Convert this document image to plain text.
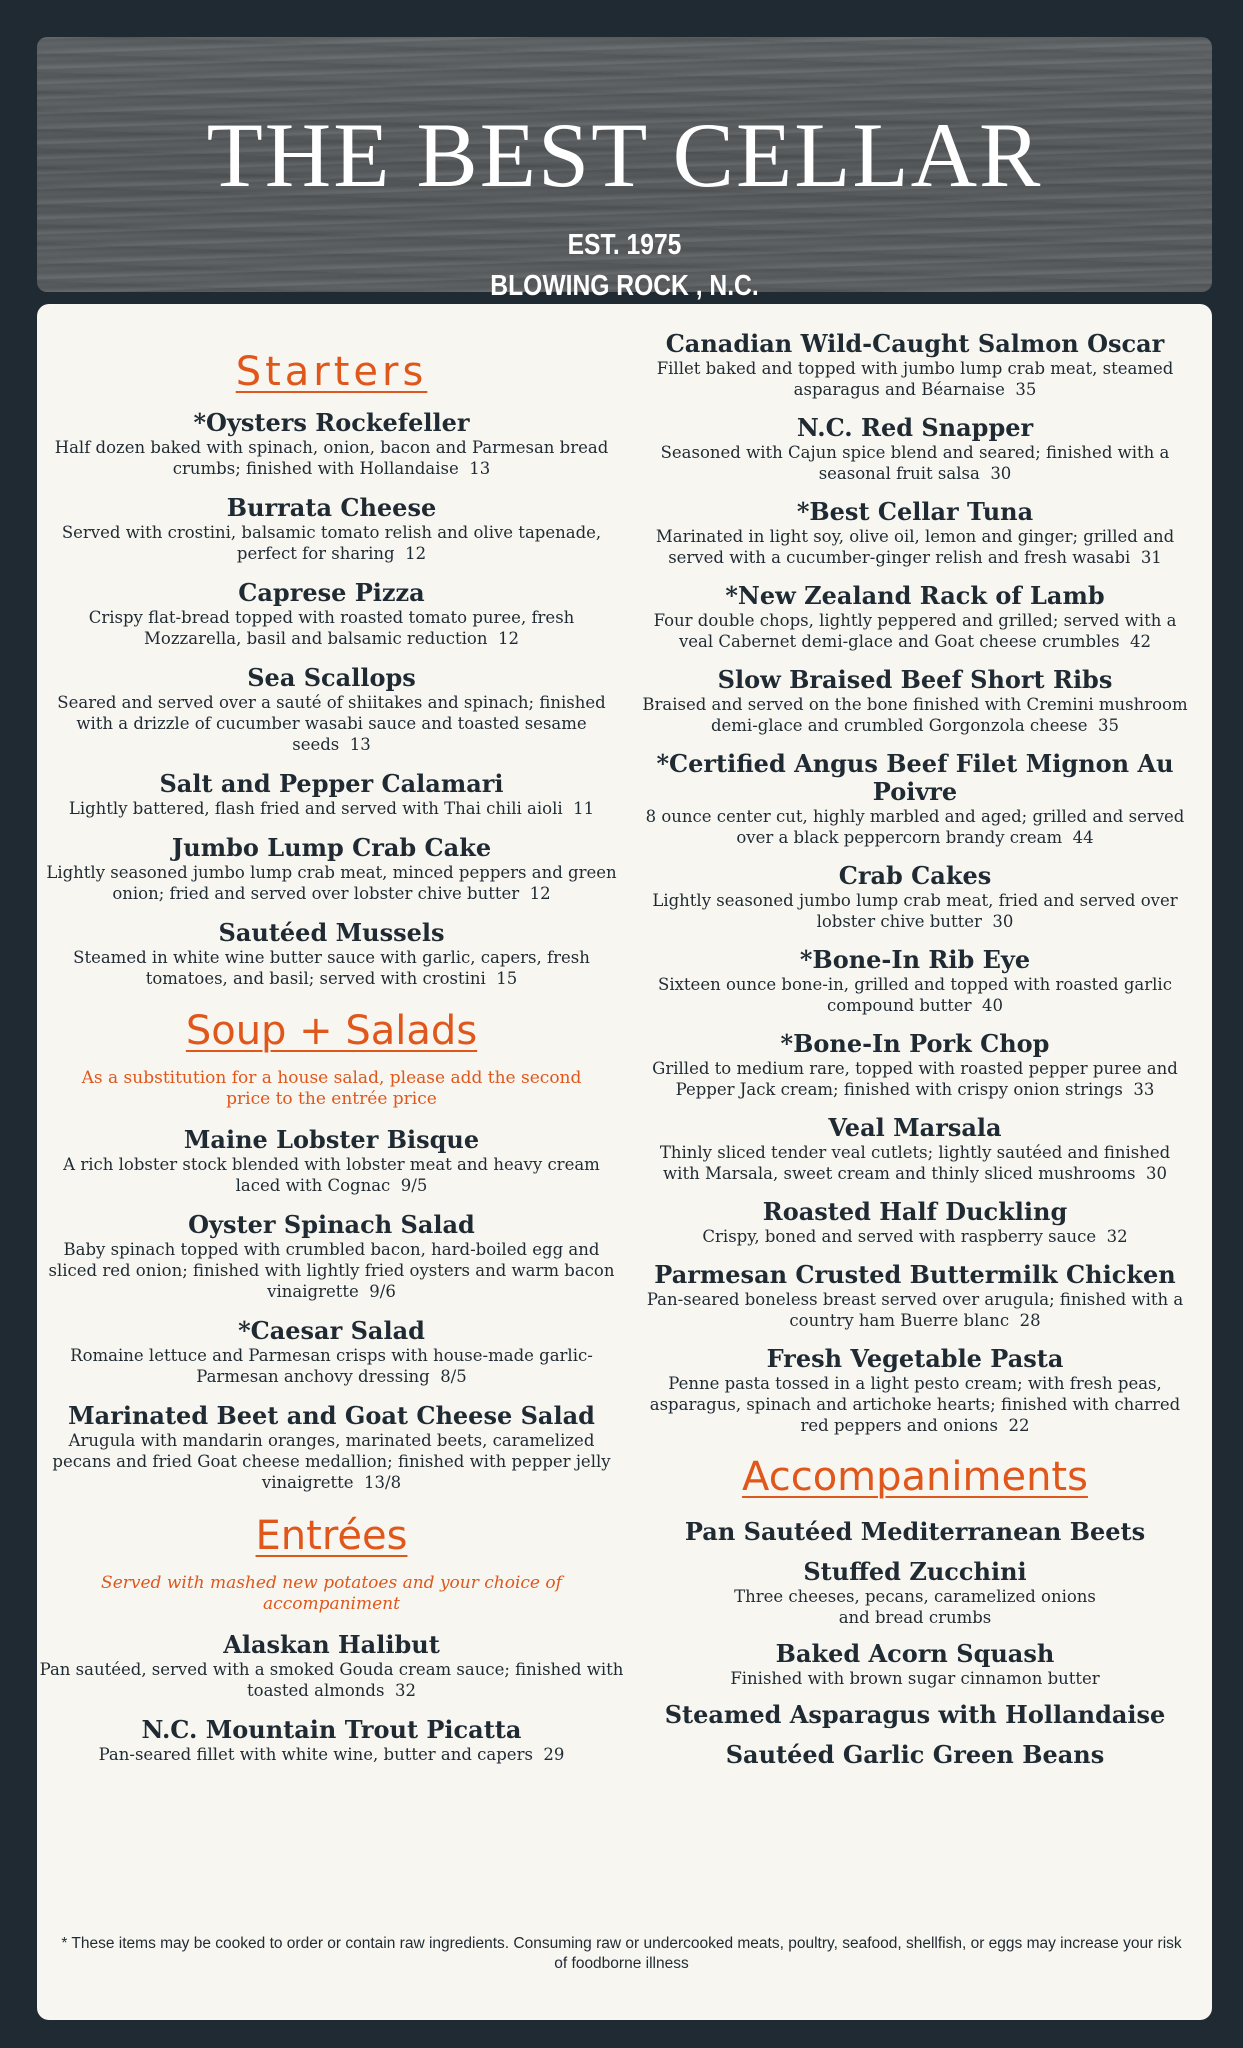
THE BEST CELLAR
EST. 1975
BLOWING ROCK , N.C.
Starters
*Oysters Rockefeller
Half dozen baked with spinach, onion, bacon and Parmesan bread crumbs; finished with Hollandaise 13
Burrata Cheese
Served with crostini, balsamic tomato relish and olive tapenade, perfect for sharing 12
Caprese Pizza
Crispy flat-bread topped with roasted tomato puree, fresh Mozzarella, basil and balsamic reduction 12
Sea Scallops
Seared and served over a sauté of shiitakes and spinach; finished with a drizzle of cucumber wasabi sauce and toasted sesame seeds 13
Salt and Pepper Calamari
Lightly battered, flash fried and served with Thai chili aioli 11
Jumbo Lump Crab Cake
Lightly seasoned jumbo lump crab meat, minced peppers and green onion; fried and served over lobster chive butter 12
Sautéed Mussels
Steamed in white wine butter sauce with garlic, capers, fresh tomatoes, and basil; served with crostini 15
Soup + Salads
As a substitution for a house salad, please add the second price to the entrée price
Maine Lobster Bisque
A rich lobster stock blended with lobster meat and heavy cream laced with Cognac 9/5
Oyster Spinach Salad
Baby spinach topped with crumbled bacon, hard-boiled egg and sliced red onion; finished with lightly fried oysters and warm bacon vinaigrette 9/6
*Caesar Salad
Romaine lettuce and Parmesan crisps with house-made garlic-Parmesan anchovy dressing 8/5
Marinated Beet and Goat Cheese Salad
Arugula with mandarin oranges, marinated beets, caramelized pecans and fried Goat cheese medallion; finished with pepper jelly vinaigrette 13/8
Entrées
Served with mashed new potatoes and your choice of accompaniment
Alaskan Halibut
Pan sautéed, served with a smoked Gouda cream sauce; finished with toasted almonds 32
N.C. Mountain Trout Picatta
Pan-seared fillet with white wine, butter and capers 29
Canadian Wild-Caught Salmon Oscar
Fillet baked and topped with jumbo lump crab meat, steamed asparagus and Béarnaise 35
N.C. Red Snapper
Seasoned with Cajun spice blend and seared; finished with a seasonal fruit salsa 30
*Best Cellar Tuna
Marinated in light soy, olive oil, lemon and ginger; grilled and served with a cucumber-ginger relish and fresh wasabi 31
*New Zealand Rack of Lamb
Four double chops, lightly peppered and grilled; served with a veal Cabernet demi-glace and Goat cheese crumbles 42
Slow Braised Beef Short Ribs
Braised and served on the bone finished with Cremini mushroom demi-glace and crumbled Gorgonzola cheese 35
*Certified Angus Beef Filet Mignon Au Poivre
8 ounce center cut, highly marbled and aged; grilled and served over a black peppercorn brandy cream 44
Crab Cakes
Lightly seasoned jumbo lump crab meat, fried and served over lobster chive butter 30
*Bone-In Rib Eye
Sixteen ounce bone-in, grilled and topped with roasted garlic compound butter 40
*Bone-In Pork Chop
Grilled to medium rare, topped with roasted pepper puree and Pepper Jack cream; finished with crispy onion strings 33
Veal Marsala
Thinly sliced tender veal cutlets; lightly sautéed and finished with Marsala, sweet cream and thinly sliced mushrooms 30
Roasted Half Duckling
Crispy, boned and served with raspberry sauce 32
Parmesan Crusted Buttermilk Chicken
Pan-seared boneless breast served over arugula; finished with a country ham Buerre blanc 28
Fresh Vegetable Pasta
Penne pasta tossed in a light pesto cream; with fresh peas, asparagus, spinach and artichoke hearts; finished with charred red peppers and onions 22
Accompaniments
Pan Sautéed Mediterranean Beets
Stuffed Zucchini
Three cheeses, pecans, caramelized onions and bread crumbs
Baked Acorn Squash
Finished with brown sugar cinnamon butter
Steamed Asparagus with Hollandaise
Sautéed Garlic Green Beans
* These items may be cooked to order or contain raw ingredients. Consuming raw or undercooked meats, poultry, seafood, shellfish, or eggs may increase your risk of foodborne illness
